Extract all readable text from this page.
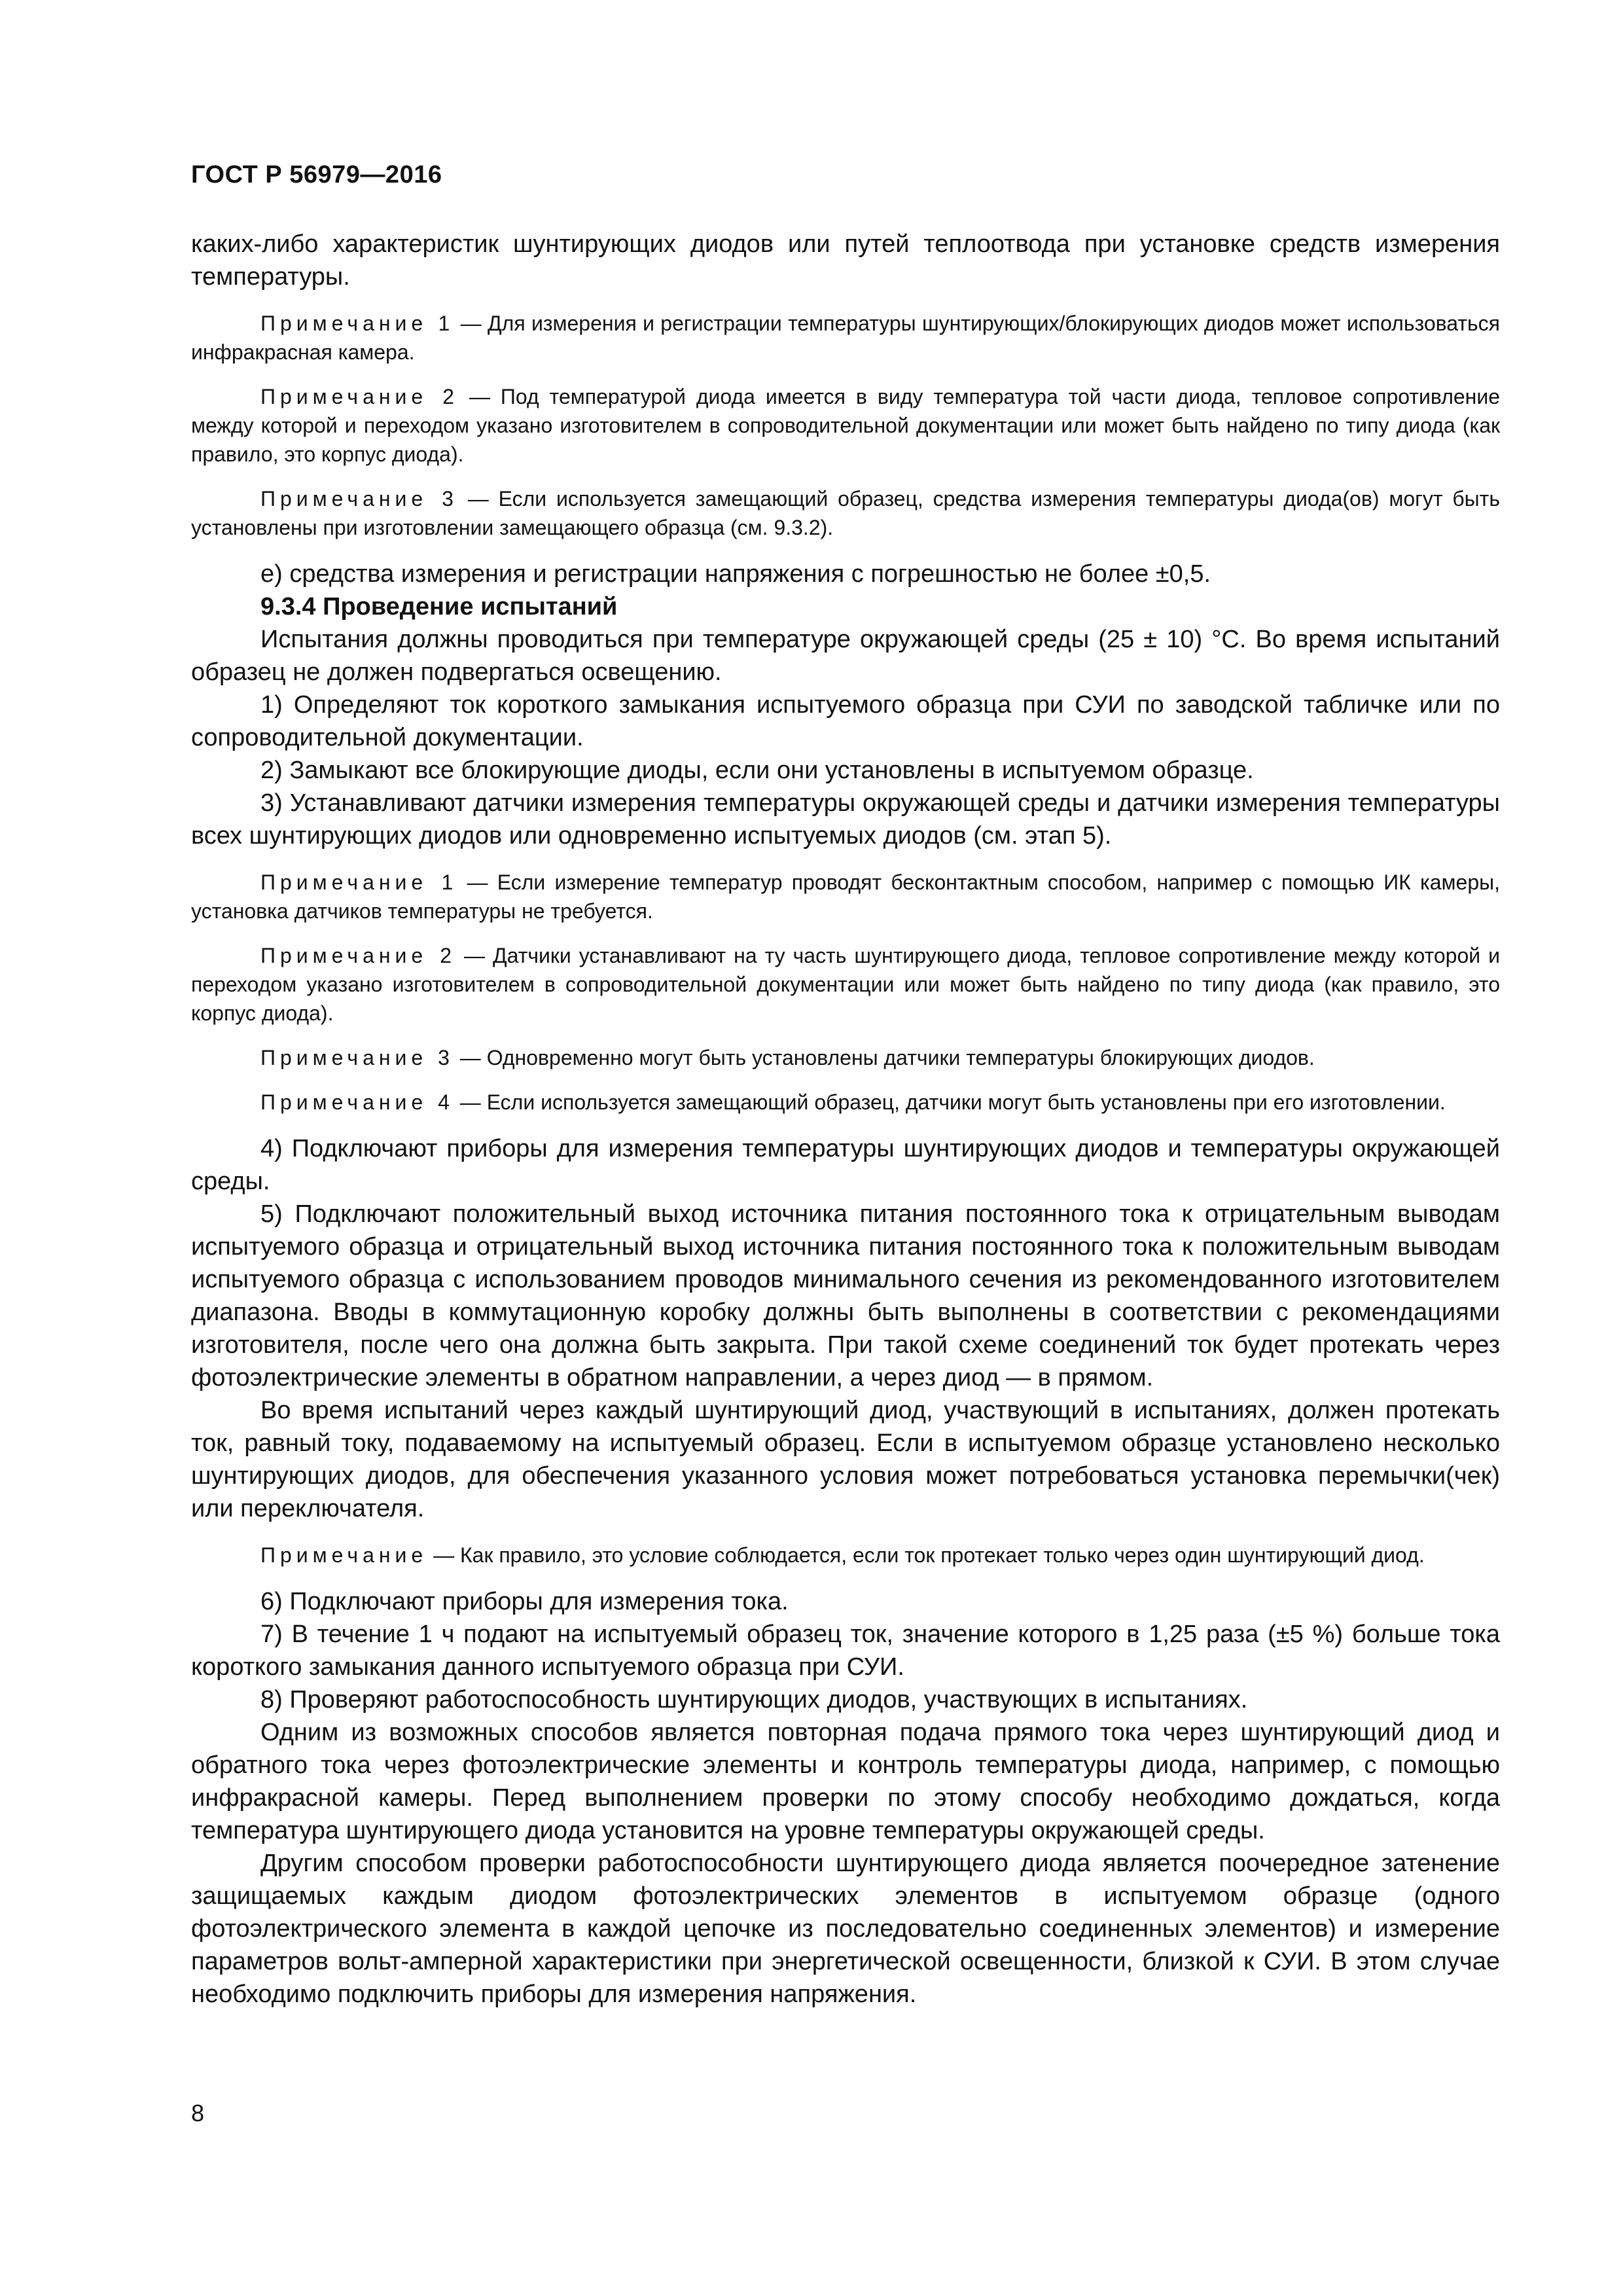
ГОСТ Р 56979—2016

каких-либо характеристик шунтирующих диодов или путей теплоотвода при установке средств измерения температуры.

Примечание 1 — Для измерения и регистрации температуры шунтирующих/блокирующих диодов может использоваться инфракрасная камера.

Примечание 2 — Под температурой диода имеется в виду температура той части диода, тепловое сопротивление между которой и переходом указано изготовителем в сопроводительной документации или может быть найдено по типу диода (как правило, это корпус диода).

Примечание 3 — Если используется замещающий образец, средства измерения температуры диода(ов) могут быть установлены при изготовлении замещающего образца (см. 9.3.2).

е) средства измерения и регистрации напряжения с погрешностью не более ±0,5.

9.3.4 Проведение испытаний

Испытания должны проводиться при температуре окружающей среды (25 ± 10) °С. Во время испытаний образец не должен подвергаться освещению.

1) Определяют ток короткого замыкания испытуемого образца при СУИ по заводской табличке или по сопроводительной документации.

2) Замыкают все блокирующие диоды, если они установлены в испытуемом образце.

3) Устанавливают датчики измерения температуры окружающей среды и датчики измерения температуры всех шунтирующих диодов или одновременно испытуемых диодов (см. этап 5).

Примечание 1 — Если измерение температур проводят бесконтактным способом, например с помощью ИК камеры, установка датчиков температуры не требуется.

Примечание 2 — Датчики устанавливают на ту часть шунтирующего диода, тепловое сопротивление между которой и переходом указано изготовителем в сопроводительной документации или может быть найдено по типу диода (как правило, это корпус диода).

Примечание 3 — Одновременно могут быть установлены датчики температуры блокирующих диодов.

Примечание 4 — Если используется замещающий образец, датчики могут быть установлены при его изготовлении.

4) Подключают приборы для измерения температуры шунтирующих диодов и температуры окружающей среды.

5) Подключают положительный выход источника питания постоянного тока к отрицательным выводам испытуемого образца и отрицательный выход источника питания постоянного тока к положительным выводам испытуемого образца с использованием проводов минимального сечения из рекомендованного изготовителем диапазона. Вводы в коммутационную коробку должны быть выполнены в соответствии с рекомендациями изготовителя, после чего она должна быть закрыта. При такой схеме соединений ток будет протекать через фотоэлектрические элементы в обратном направлении, а через диод — в прямом.

Во время испытаний через каждый шунтирующий диод, участвующий в испытаниях, должен протекать ток, равный току, подаваемому на испытуемый образец. Если в испытуемом образце установлено несколько шунтирующих диодов, для обеспечения указанного условия может потребоваться установка перемычки(чек) или переключателя.

Примечание — Как правило, это условие соблюдается, если ток протекает только через один шунтирующий диод.

6) Подключают приборы для измерения тока.

7) В течение 1 ч подают на испытуемый образец ток, значение которого в 1,25 раза (±5 %) больше тока короткого замыкания данного испытуемого образца при СУИ.

8) Проверяют работоспособность шунтирующих диодов, участвующих в испытаниях.

Одним из возможных способов является повторная подача прямого тока через шунтирующий диод и обратного тока через фотоэлектрические элементы и контроль температуры диода, например, с помощью инфракрасной камеры. Перед выполнением проверки по этому способу необходимо дождаться, когда температура шунтирующего диода установится на уровне температуры окружающей среды.

Другим способом проверки работоспособности шунтирующего диода является поочередное затенение защищаемых каждым диодом фотоэлектрических элементов в испытуемом образце (одного фотоэлектрического элемента в каждой цепочке из последовательно соединенных элементов) и измерение параметров вольт-амперной характеристики при энергетической освещенности, близкой к СУИ. В этом случае необходимо подключить приборы для измерения напряжения.

8
